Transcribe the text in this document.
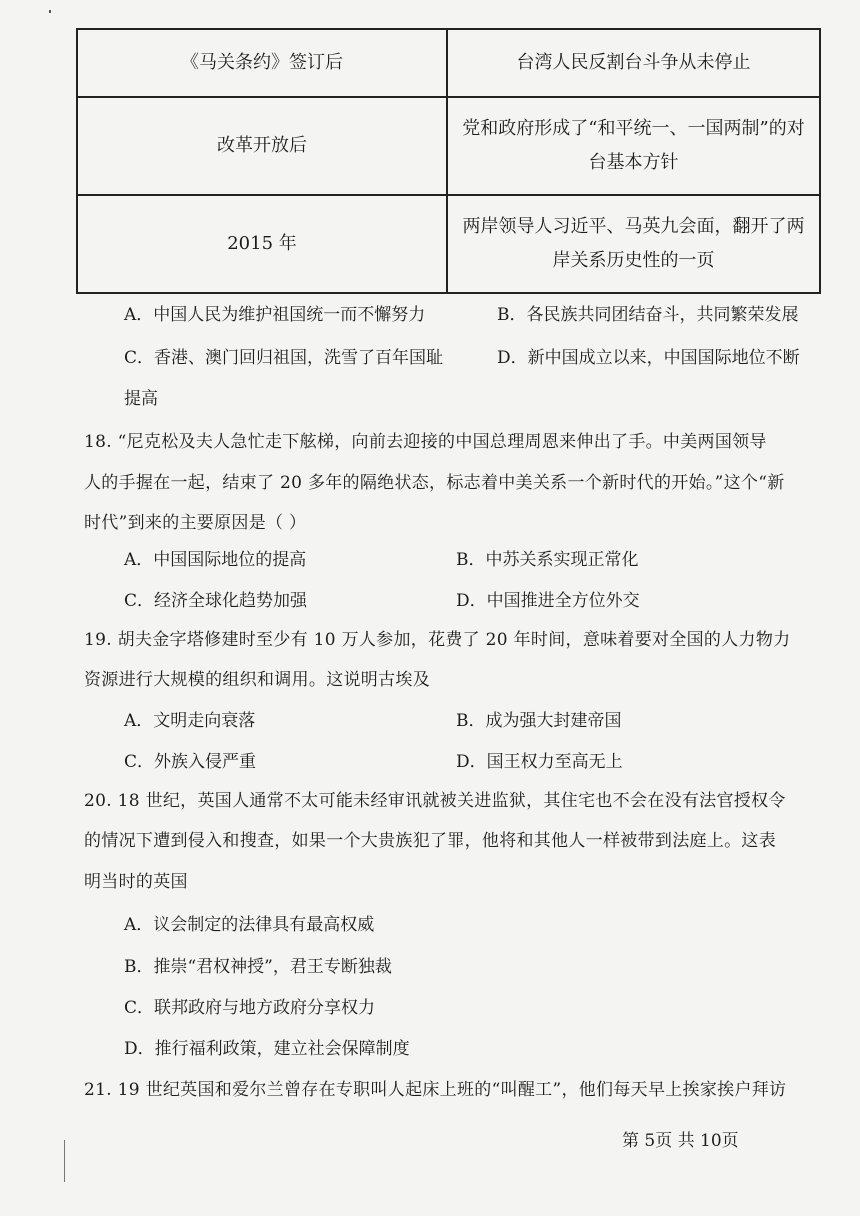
《马关条约》签订后	台湾人民反割台斗争从未停止
改革开放后	党和政府形成了“和平统一、一国两制”的对
台基本方针
2015 年	两岸领导人习近平、马英九会面，翻开了两
岸关系历史性的一页
A．中国人民为维护祖国统一而不懈努力	B．各民族共同团结奋斗，共同繁荣发展
C．香港、澳门回归祖国，洗雪了百年国耻	D．新中国成立以来，中国国际地位不断
提高
18. “尼克松及夫人急忙走下舷梯，向前去迎接的中国总理周恩来伸出了手。中美两国领导
人的手握在一起，结束了 20 多年的隔绝状态，标志着中美关系一个新时代的开始。”这个“新
时代”到来的主要原因是（ ）
A．中国国际地位的提高	B．中苏关系实现正常化
C．经济全球化趋势加强	D．中国推进全方位外交
19. 胡夫金字塔修建时至少有 10 万人参加，花费了 20 年时间，意味着要对全国的人力物力
资源进行大规模的组织和调用。这说明古埃及
A．文明走向衰落	B．成为强大封建帝国
C．外族入侵严重	D．国王权力至高无上
20. 18 世纪，英国人通常不太可能未经审讯就被关进监狱，其住宅也不会在没有法官授权令
的情况下遭到侵入和搜查，如果一个大贵族犯了罪，他将和其他人一样被带到法庭上。这表
明当时的英国
A．议会制定的法律具有最高权威
B．推崇“君权神授”，君王专断独裁
C．联邦政府与地方政府分享权力
D．推行福利政策，建立社会保障制度
21. 19 世纪英国和爱尔兰曾存在专职叫人起床上班的“叫醒工”，他们每天早上挨家挨户拜访
第 5页 共 10页
